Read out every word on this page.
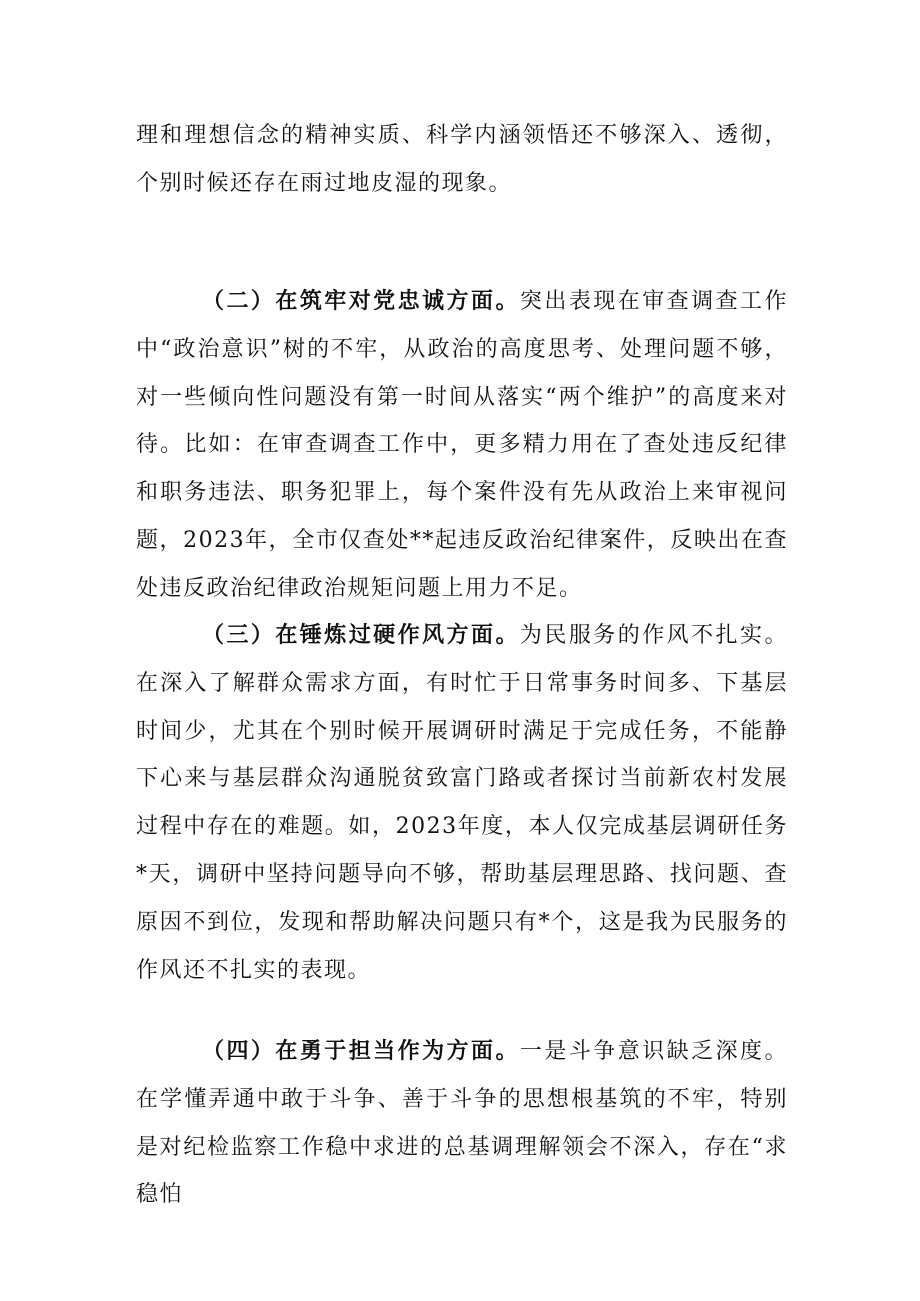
理和理想信念的精神实质、科学内涵领悟还不够深入、透彻，个别时候还存在雨过地皮湿的现象。

（二）在筑牢对党忠诚方面。突出表现在审查调查工作中“政治意识”树的不牢，从政治的高度思考、处理问题不够，对一些倾向性问题没有第一时间从落实“两个维护”的高度来对待。比如：在审查调查工作中，更多精力用在了查处违反纪律和职务违法、职务犯罪上，每个案件没有先从政治上来审视问题，2023年，全市仅查处**起违反政治纪律案件，反映出在查处违反政治纪律政治规矩问题上用力不足。

（三）在锤炼过硬作风方面。为民服务的作风不扎实。在深入了解群众需求方面，有时忙于日常事务时间多、下基层时间少，尤其在个别时候开展调研时满足于完成任务，不能静下心来与基层群众沟通脱贫致富门路或者探讨当前新农村发展过程中存在的难题。如，2023年度，本人仅完成基层调研任务*天，调研中坚持问题导向不够，帮助基层理思路、找问题、查原因不到位，发现和帮助解决问题只有*个，这是我为民服务的作风还不扎实的表现。

（四）在勇于担当作为方面。一是斗争意识缺乏深度。在学懂弄通中敢于斗争、善于斗争的思想根基筑的不牢，特别是对纪检监察工作稳中求进的总基调理解领会不深入，存在“求稳怕
